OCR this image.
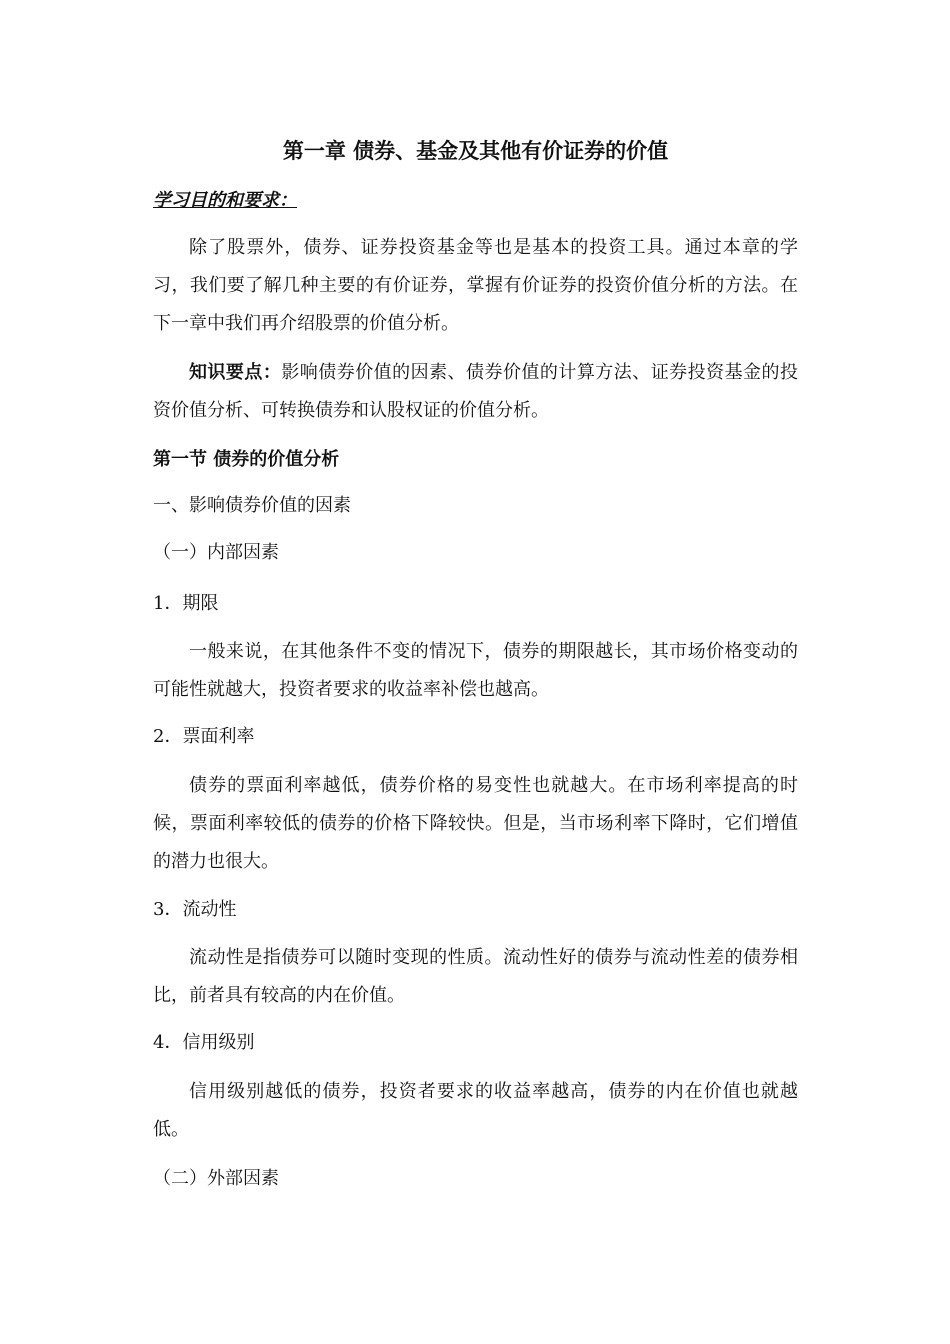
第一章 债券、基金及其他有价证券的价值

学习目的和要求：

除了股票外，债券、证券投资基金等也是基本的投资工具。通过本章的学习，我们要了解几种主要的有价证券，掌握有价证券的投资价值分析的方法。在下一章中我们再介绍股票的价值分析。

知识要点：影响债券价值的因素、债券价值的计算方法、证券投资基金的投资价值分析、可转换债券和认股权证的价值分析。

第一节 债券的价值分析

一、影响债券价值的因素

（一）内部因素

1．期限

一般来说，在其他条件不变的情况下，债券的期限越长，其市场价格变动的可能性就越大，投资者要求的收益率补偿也越高。

2．票面利率

债券的票面利率越低，债券价格的易变性也就越大。在市场利率提高的时候，票面利率较低的债券的价格下降较快。但是，当市场利率下降时，它们增值的潜力也很大。

3．流动性

流动性是指债券可以随时变现的性质。流动性好的债券与流动性差的债券相比，前者具有较高的内在价值。

4．信用级别

信用级别越低的债券，投资者要求的收益率越高，债券的内在价值也就越低。

（二）外部因素
